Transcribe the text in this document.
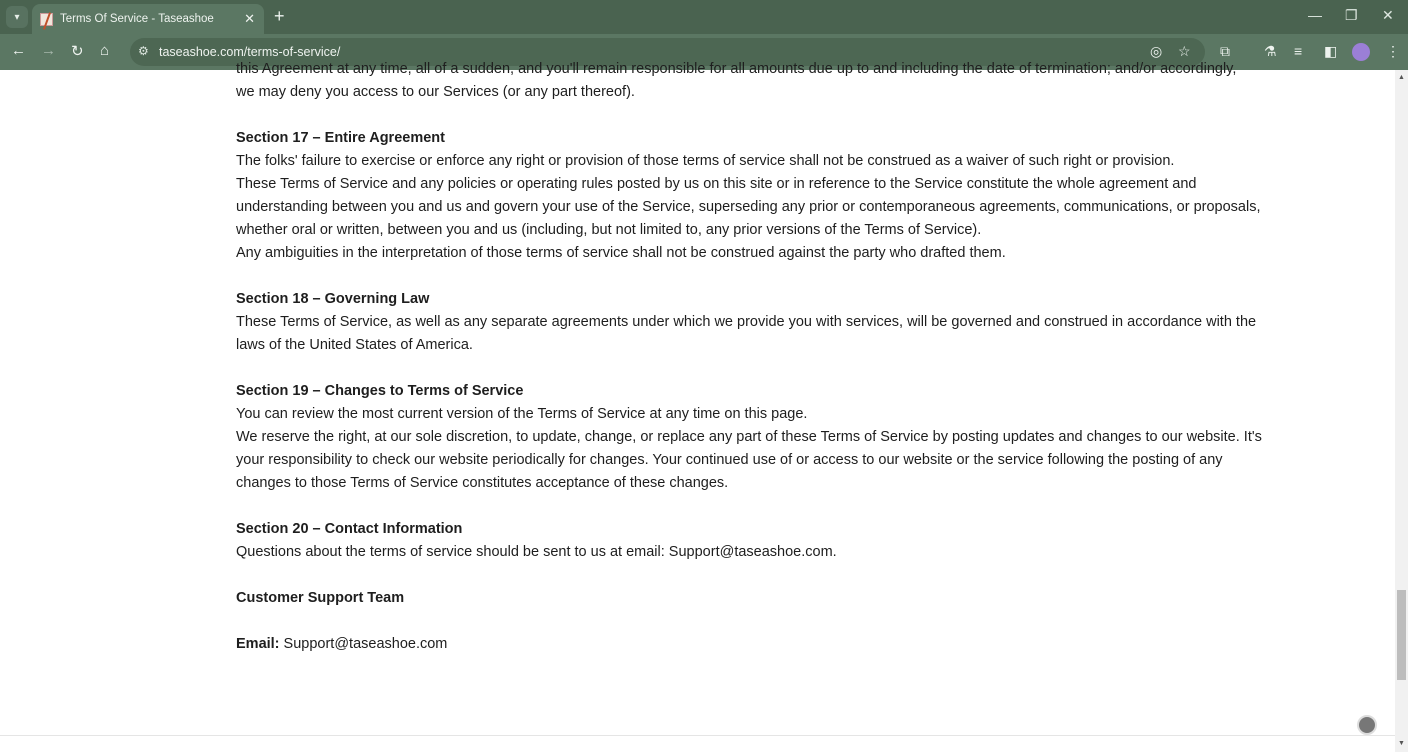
▾	Terms Of Service - Taseashoe ✕ +	— ❐ ✕
← → ↻ ⌂ ⚙ taseashoe.com/terms-of-service/	◎ ☆ ⧉ ⚗ ≡ ◧	⋮
this Agreement at any time, all of a sudden, and you'll remain responsible for all amounts due up to and including the date of termination; and/or accordingly,
we may deny you access to our Services (or any part thereof).
Section 17 – Entire Agreement
The folks' failure to exercise or enforce any right or provision of those terms of service shall not be construed as a waiver of such right or provision.
These Terms of Service and any policies or operating rules posted by us on this site or in reference to the Service constitute the whole agreement and
understanding between you and us and govern your use of the Service, superseding any prior or contemporaneous agreements, communications, or proposals,
whether oral or written, between you and us (including, but not limited to, any prior versions of the Terms of Service).
Any ambiguities in the interpretation of those terms of service shall not be construed against the party who drafted them.
Section 18 – Governing Law
These Terms of Service, as well as any separate agreements under which we provide you with services, will be governed and construed in accordance with the
laws of the United States of America.
Section 19 – Changes to Terms of Service
You can review the most current version of the Terms of Service at any time on this page.
We reserve the right, at our sole discretion, to update, change, or replace any part of these Terms of Service by posting updates and changes to our website. It's
your responsibility to check our website periodically for changes. Your continued use of or access to our website or the service following the posting of any
changes to those Terms of Service constitutes acceptance of these changes.
Section 20 – Contact Information
Questions about the terms of service should be sent to us at email: Support@taseashoe.com.
Customer Support Team
Email: Support@taseashoe.com
▲
▼
